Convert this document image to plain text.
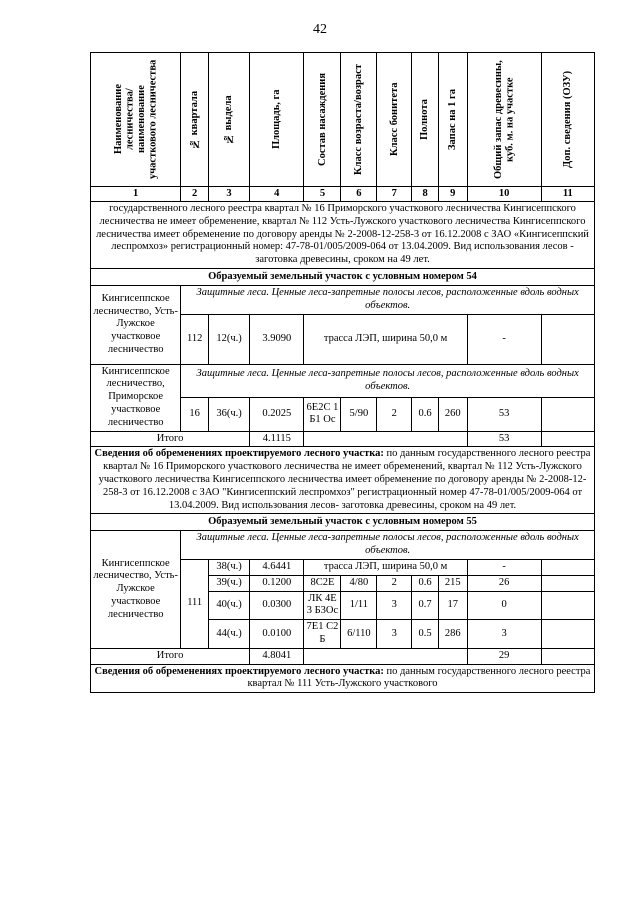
42
Наименование лесничества/ наименование участкового лесничества	№ квартала	№ выдела	Площадь, га	Состав насаждения	Класс возраста/возраст	Класс бонитета	Полнота	Запас на 1 га	Общий запас древесины, куб. м. на участке	Доп. сведения (ОЗУ)

1	2	3	4	5	6	7	8	9	10	11
государственного лесного реестра квартал № 16 Приморского участкового лесничества Кингисеппского лесничества не имеет обременение, квартал № 112 Усть-Лужского участкового лесничества Кингисеппского лесничества имеет обременение по договору аренды № 2-2008-12-258-3 от 16.12.2008 с ЗАО «Кингисеппский леспромхоз» регистрационный номер: 47-78-01/005/2009-064 от 13.04.2009. Вид использования лесов - заготовка древесины, сроком на 49 лет.										
Образуемый земельный участок с условным номером 54										
Кингисеппское лесничество, Усть-Лужское участковое лесничество	Защитные леса. Ценные леса-запретные полосы лесов, расположенные вдоль водных объектов.									
	112	12(ч.)	3.9090	трасса ЛЭП, ширина 50,0 м					-	
Кингисеппское лесничество, Приморское участковое лесничество	Защитные леса. Ценные леса-запретные полосы лесов, расположенные вдоль водных объектов.									
	16	36(ч.)	0.2025	6Е2С 1Б1 Ос	5/90	2	0.6	260	53	
Итого			4.1115						53	
Сведения об обременениях проектируемого лесного участка: по данным государственного лесного реестра квартал № 16 Приморского участкового лесничества не имеет обременений, квартал № 112 Усть-Лужского участкового лесничества Кингисеппского лесничества имеет обременение по договору аренды № 2-2008-12-258-3 от 16.12.2008 с ЗАО "Кингисеппский леспромхоз" регистрационный номер 47-78-01/005/2009-064 от 13.04.2009. Вид использования лесов- заготовка древесины, сроком на 49 лет.										
Образуемый земельный участок с условным номером 55										
Кингисеппское лесничество, Усть-Лужское участковое лесничество	Защитные леса. Ценные леса-запретные полосы лесов, расположенные вдоль водных объектов.									
	111	38(ч.)	4.6441	трасса ЛЭП, ширина 50,0 м					-	
		39(ч.)	0.1200	8С2Е	4/80	2	0.6	215	26	
		40(ч.)	0.0300	ЛК 4Е3 Б3Ос	1/11	3	0.7	17	0	
		44(ч.)	0.0100	7Е1 С2Б	6/110	3	0.5	286	3	
Итого			4.8041						29	
Сведения об обременениях проектируемого лесного участка: по данным государственного лесного реестра квартал № 111 Усть-Лужского участкового										
